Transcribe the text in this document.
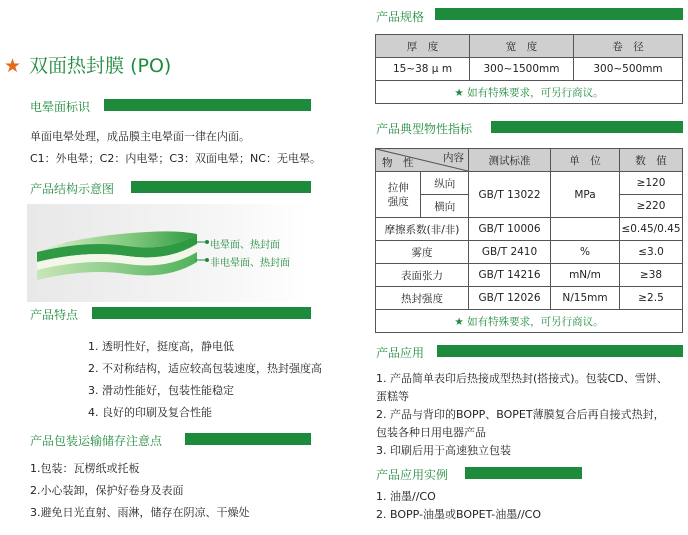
★ 双面热封膜 (PO)
电晕面标识
单面电晕处理，成品膜主电晕面一律在内面。
C1：外电晕；C2：内电晕；C3：双面电晕；NC：无电晕。
产品结构示意图
电晕面、热封面
非电晕面、热封面
产品特点
1. 透明性好，挺度高，静电低
2. 不对称结构，适应较高包装速度，热封强度高
3. 滑动性能好，包装性能稳定
4. 良好的印刷及复合性能
产品包装运输储存注意点
1.包装：瓦楞纸或托板
2.小心装卸，保护好卷身及表面
3.避免日光直射、雨淋，储存在阴凉、干燥处
产品规格
厚　度	宽　度	卷　径
15~38 μ m	300~1500mm	300~500mm
★ 如有特殊要求，可另行商议。		
产品典型物性指标
内容
物　性		测试标准	单　位	数　值
拉伸
强度	纵向	GB/T 13022	MPa	≥120
	横向			≥220
摩擦系数(非/非)		GB/T 10006		≤0.45/0.45
雾度		GB/T 2410	%	≤3.0
表面张力		GB/T 14216	mN/m	≥38
热封强度		GB/T 12026	N/15mm	≥2.5
★ 如有特殊要求，可另行商议。				
产品应用
1. 产品简单表印后热接成型热封(搭接式)。包装CD、雪饼、
蛋糕等
2. 产品与背印的BOPP、BOPET薄膜复合后再自接式热封，
包装各种日用电器产品
3. 印刷后用于高速独立包装
产品应用实例
1. 油墨//CO
2. BOPP-油墨或BOPET-油墨//CO
